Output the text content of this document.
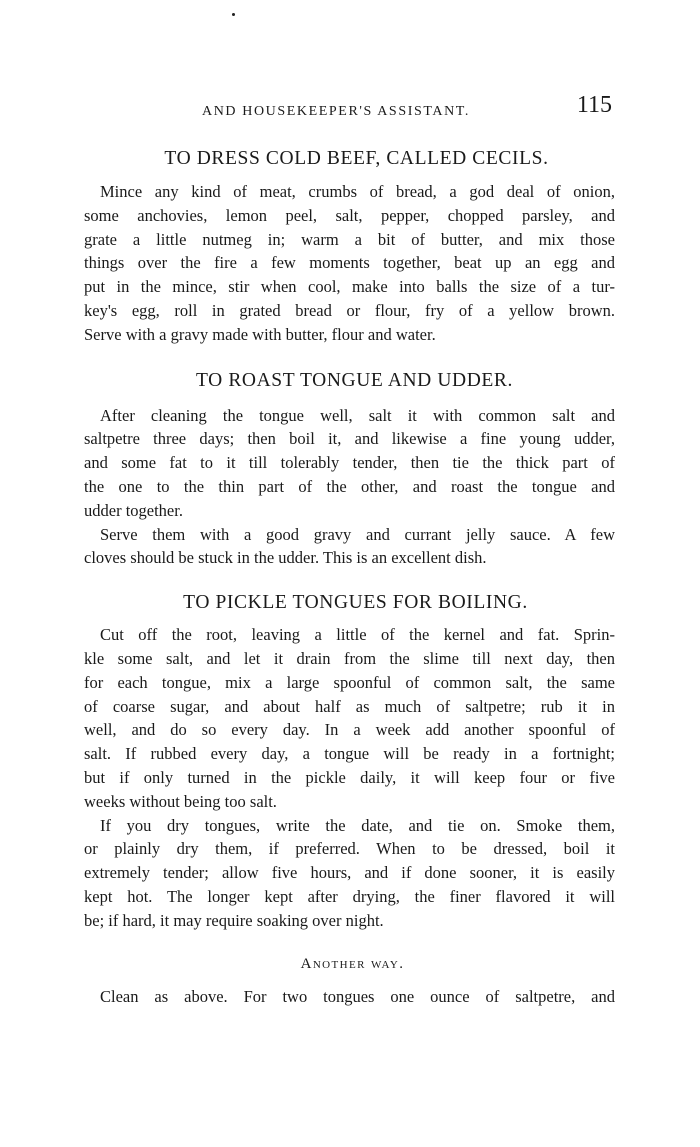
AND HOUSEKEEPER'S ASSISTANT.	115
TO DRESS COLD BEEF, CALLED CECILS.

Mince any kind of meat, crumbs of bread, a god deal of onion,
some anchovies, lemon peel, salt, pepper, chopped parsley, and
grate a little nutmeg in; warm a bit of butter, and mix those
things over the fire a few moments together, beat up an egg and
put in the mince, stir when cool, make into balls the size of a tur-
key's egg, roll in grated bread or flour, fry of a yellow brown.
Serve with a gravy made with butter, flour and water.

TO ROAST TONGUE AND UDDER.

After cleaning the tongue well, salt it with common salt and
saltpetre three days; then boil it, and likewise a fine young udder,
and some fat to it till tolerably tender, then tie the thick part of
the one to the thin part of the other, and roast the tongue and
udder together.

Serve them with a good gravy and currant jelly sauce. A few
cloves should be stuck in the udder. This is an excellent dish.

TO PICKLE TONGUES FOR BOILING.

Cut off the root, leaving a little of the kernel and fat. Sprin-
kle some salt, and let it drain from the slime till next day, then
for each tongue, mix a large spoonful of common salt, the same
of coarse sugar, and about half as much of saltpetre; rub it in
well, and do so every day. In a week add another spoonful of
salt. If rubbed every day, a tongue will be ready in a fortnight;
but if only turned in the pickle daily, it will keep four or five
weeks without being too salt.

If you dry tongues, write the date, and tie on. Smoke them,
or plainly dry them, if preferred. When to be dressed, boil it
extremely tender; allow five hours, and if done sooner, it is easily
kept hot. The longer kept after drying, the finer flavored it will
be; if hard, it may require soaking over night.

Another way.

Clean as above. For two tongues one ounce of saltpetre, and
